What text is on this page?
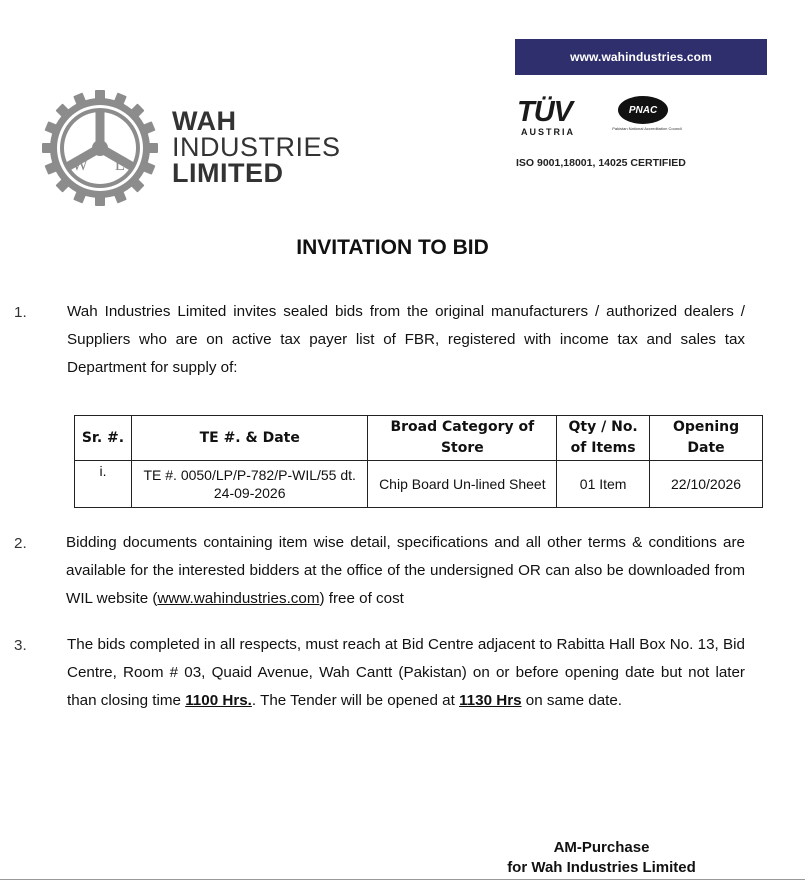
www.wahindustries.com
I
W L
WAH
INDUSTRIES
LIMITED
TÜV
AUSTRIA
PNAC
Pakistan National Accreditation Council
ISO 9001,18001, 14025 CERTIFIED
INVITATION TO BID
1.	Wah Industries Limited invites sealed bids from the original manufacturers / authorized dealers / Suppliers who are on active tax payer list of FBR, registered with income tax and sales tax Department for supply of:
Sr. #.	TE #. & Date	Broad Category of Store	Qty / No. of Items	Opening Date
i.	TE #. 0050/LP/P-782/P-WIL/55 dt. 24-09-2026	Chip Board Un-lined Sheet	01 Item	22/10/2026
2.	Bidding documents containing item wise detail, specifications and all other terms & conditions are available for the interested bidders at the office of the undersigned OR can also be downloaded from WIL website (www.wahindustries.com) free of cost
3.	The bids completed in all respects, must reach at Bid Centre adjacent to Rabitta Hall Box No. 13, Bid Centre, Room # 03, Quaid Avenue, Wah Cantt (Pakistan) on or before opening date but not later than closing time 1100 Hrs.. The Tender will be opened at 1130 Hrs on same date.
AM-Purchase
for Wah Industries Limited
